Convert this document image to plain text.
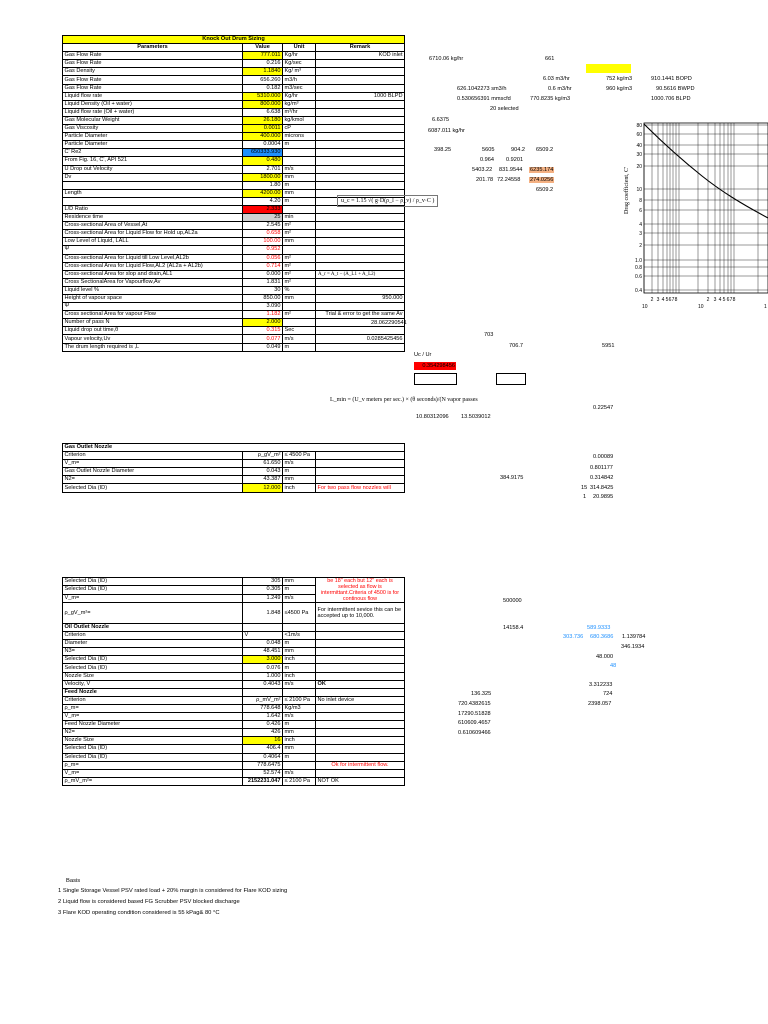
Knock Out Drum Sizing			
Parameters	Value	Unit	Remark
Gas Flow Rate	777.011	Kg/hr	KOD inlet
Gas Flow Rate	0.216	Kg/sec	
Gas Density	1.1840	Kg/ m³	
Gas Flow Rate	656.260	m3/h	
Gas Flow Rate	0.182	m3/sec	
Liquid flow rate	5310.000	Kg/hr	1000 BLPD
Liquid Density (Oil + water)	800.000	kg/m³	
Liquid flow rate (Oil + water)	6.638	m³/hr	
Gas Molecular Weight	26.180	kg/kmol	
Gas Viscosity	0.0011	cP	
Particle Diameter	400.000	microns	
Particle Diameter	0.0004	m	
C' Re2	650333.930		
From Fig. 16, C', API 521	0.480		
U Drop out Velocity	2.701	m/s	
Dv	1800.00	mm	
	1.80	m	
Length	4200.00	mm	
	4.20	m	
L/D Ratio	2.333		
Residence time	25	min	
Cross-sectional Area of Vessel,At	2.545	m²	
Cross-sectional Area for Liquid Flow for Hold up,AL2a	0.658	m²	
Low Level of Liquid, LALL	100.00	mm	
Ψ	0.952		
Cross-sectional Area for Liquid till Low Level,AL2b	0.056	m²	
Cross-sectional Area for Liquid Flow,AL2 (AL2a + AL2b)	0.714	m²	
Cross-sectional Area for slop and drain,AL1	0.000	m²	
Cross SectionalArea for Vapourflow,Av	1.831	m²	
Liquid level %	30	%	
Height of vapour space	850.00	mm	950.000
Ψ	3.090		
Cross sectional Area for vapour Flow	1.182	m²	Trial & error to get the same Av
Number of pass N	2.000		
Liquid drop out time,θ	0.315	Sec	
Vapour velocity,Uv	0.077	m/s	0.0285425456
The drum length required is ,L	0.049	m	
Gas Outlet Nozzle			
Criterion	ρ_gV_m²	≤ 4500 Pa	
V_m=	61.650	m/s	
Gas Outlet Nozzle Diameter	0.043	m	
N2=	43.387	mm	
Selected Dia (ID)	12.000	inch	For two pass flow nozzles will
Selected Dia (ID)	305	mm	be 18" each but 12" each is selected as flow is intermittant.Criteria of 4500 is for continous flow
Selected Dia (ID)	0.305	m	
V_m=	1.249	m/s	
ρ_gV_m²=	1.848	≤4500 Pa	For intermittent sevice this can be accepted up to 10,000.
Oil Outlet Nozzle			
Criterion	V	<1m/s	
Diameter	0.048	m	
N3=	48.451	mm	
Selected Dia (ID)	3.000	inch	
Selected Dia (ID)	0.076	m	
Nozzle Size	1.000	inch	
Velocity, V	0.4043	m/s	OK
Feed Nozzle			
Criterion	ρ_mV_m²	≤ 2100 Pa	No inlet device
ρ_m=	778.648	Kg/m3	
V_m=	1.642	m/s	
Feed Nozzle Diameter	0.426	m	
N2=	426	mm	
Nozzle Size	16	inch	
Selected Dia (ID)	406.4	mm	
Selected Dia (ID)	0.4064	m	
ρ_m=	778.6475		Ok for intermittent flow.
V_m=	52.574	m/s	
ρ_mV_m²=	2152231.047	≤ 2100 Pa	NOT OK
6710.06 kg/hr	661
6.03 m3/hr	752 kg/m3	910.1441 BOPD
626.1042273 sm3/h	0.6 m3/hr	960 kg/m3	90.5616 BWPD
0.530656391 mmscfd	770.8235 kg/m3	1000.706 BLPD
20 selected
6.6375
6087.011 kg/hr
398.25	5605	904.2 6509.2
0.964 0.9201
5403.22 831.9544 6235.174
201.78 72.24558 274.0256
6509.2
28.062290541
703
706.7	5951
Uc / Ur
0.354298456
0.22547
10.80312096 13.5039012
0.00089
0.801177
384.9175	0.314842
15 314.8425
1 20.9895
500000
14158.4	589.9333
303.736 680.3686 1.139784
346.1934
48.000
48
3.312233
136.325	724
720.4382615	2398.057
17290.51828
610609.4657
0.610609466
u_c = 1.15 √( g·D(ρ_l − ρ_v) / ρ_v·C )
A_r = A_t − (A_L1 + A_L2)
L_min = (U_v meters per sec.) × (θ seconds)/(N vapor passes
80
60
40
30
20
10
8
6
4
3
2
1.0
0.8
0.6
0.4
2 3 4 5 6 7 8	2 3 4 5 6 7 8
10	10	1
Drag coefficient, C'
Basis
1 Single Storage Vessel PSV rated load + 20% margin is considered for Flare KOD sizing
2 Liquid flow is considered based FG Scrubber PSV blocked discharge
3 Flare KOD operating condition considered is 55 kPag& 80 °C
